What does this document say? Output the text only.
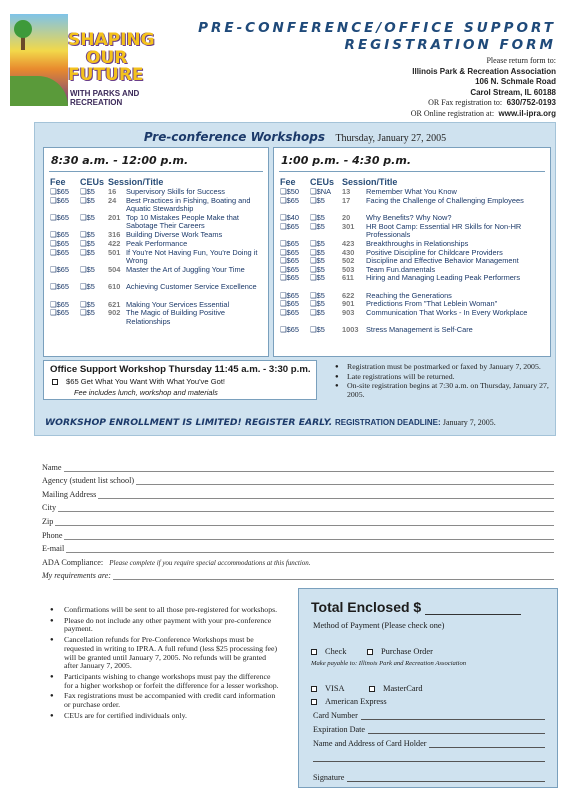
SHAPING
OUR
FUTURE
WITH PARKS AND RECREATION
PRE-CONFERENCE/OFFICE SUPPORT
REGISTRATION FORM
Please return form to:
Illinois Park & Recreation Association
106 N. Schmale Road
Carol Stream, IL 60188
OR Fax registration to: 630/752-0193
OR Online registration at: www.il-ipra.org
Pre-conference Workshops Thursday, January 27, 2005
8:30 a.m. - 12:00 p.m.
Fee CEUs Session/Title
❑$65 ❑$5 16 Supervisory Skills for Success
❑$65 ❑$5 24 Best Practices in Fishing, Boating and Aquatic Stewardship
❑$65 ❑$5 201 Top 10 Mistakes People Make that Sabotage Their Careers
❑$65 ❑$5 316 Building Diverse Work Teams
❑$65 ❑$5 422 Peak Performance
❑$65 ❑$5 501 If You're Not Having Fun, You're Doing it Wrong
❑$65 ❑$5 504 Master the Art of Juggling Your Time
❑$65 ❑$5 610 Achieving Customer Service Excellence
❑$65 ❑$5 621 Making Your Services Essential
❑$65 ❑$5 902 The Magic of Building Positive Relationships
1:00 p.m. - 4:30 p.m.
Fee CEUs Session/Title
❑$50 ❑$NA 13 Remember What You Know
❑$65 ❑$5 17 Facing the Challenge of Challenging Employees
❑$40 ❑$5 20 Why Benefits? Why Now?
❑$65 ❑$5 301 HR Boot Camp: Essential HR Skills for Non-HR Professionals
❑$65 ❑$5 423 Breakthroughs in Relationships
❑$65 ❑$5 430 Positive Discipline for Childcare Providers
❑$65 ❑$5 502 Discipline and Effective Behavior Management
❑$65 ❑$5 503 Team Fun.damentals
❑$65 ❑$5 611 Hiring and Managing Leading Peak Performers
❑$65 ❑$5 622 Reaching the Generations
❑$65 ❑$5 901 Predictions From "That Leblein Woman"
❑$65 ❑$5 903 Communication That Works - In Every Workplace
❑$65 ❑$5 1003 Stress Management is Self-Care
Office Support Workshop Thursday 11:45 a.m. - 3:30 p.m.
$65 Get What You Want With What You've Got!
Fee includes lunch, workshop and materials
● Registration must be postmarked or faxed by January 7, 2005.
● Late registrations will be returned.
● On-site registration begins at 7:30 a.m. on Thursday, January 27, 2005.
WORKSHOP ENROLLMENT IS LIMITED! REGISTER EARLY. REGISTRATION DEADLINE: January 7, 2005.
Name
Agency (student list school)
Mailing Address
City
Zip
Phone
E-mail
ADA Compliance:
Please complete if you require special accommodations at this function.
My requirements are:
● Confirmations will be sent to all those pre-registered for workshops.
● Please do not include any other payment with your pre-conference payment.
● Cancellation refunds for Pre-Conference Workshops must be requested in writing to IPRA. A full refund (less $25 processing fee) will be granted until January 7, 2005. No refunds will be granted after January 7, 2005.
● Participants wishing to change workshops must pay the difference for a higher workshop or forfeit the difference for a lesser workshop.
● Fax registrations must be accompanied with credit card information or purchase order.
● CEUs are for certified individuals only.
Total Enclosed $
Method of Payment (Please check one)
Check	Purchase Order
Make payable to: Illinois Park and Recreation Association
VISA	MasterCard
American Express
Card Number
Expiration Date
Name and Address of Card Holder
Signature
